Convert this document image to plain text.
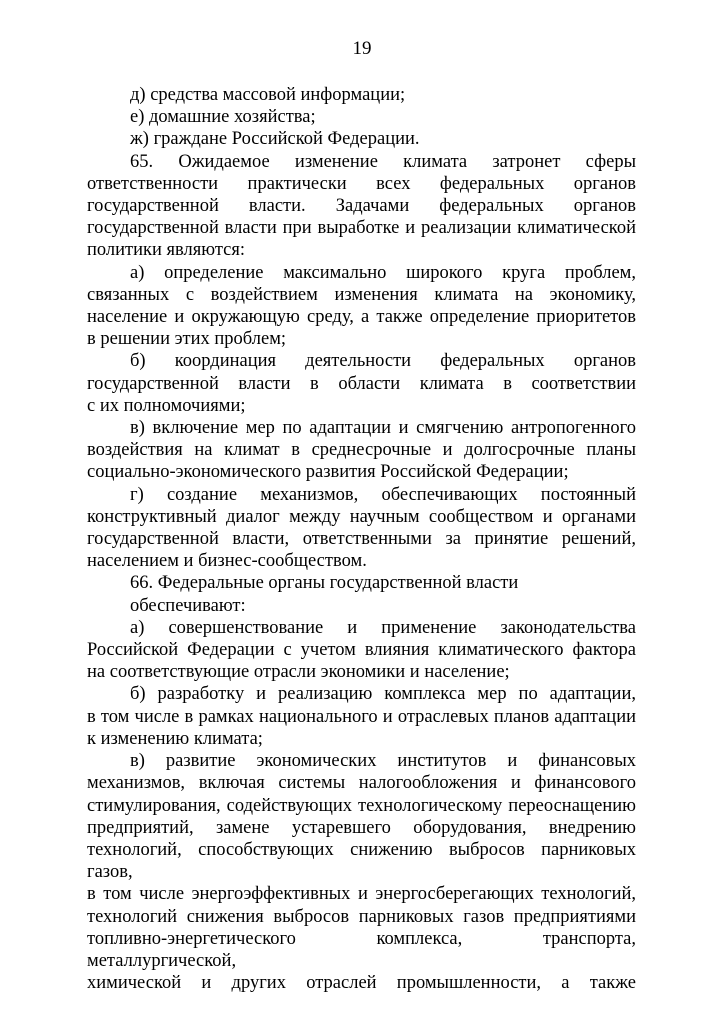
19

д) средства массовой информации;

е) домашние хозяйства;

ж) граждане Российской Федерации.

65. Ожидаемое изменение климата затронет сферы

ответственности практически всех федеральных органов

государственной власти. Задачами федеральных органов

государственной власти при выработке и реализации климатической

политики являются:

а) определение максимально широкого круга проблем,

связанных с воздействием изменения климата на экономику,

население и окружающую среду, а также определение приоритетов

в решении этих проблем;

б) координация деятельности федеральных органов

государственной власти в области климата в соответствии

с их полномочиями;

в) включение мер по адаптации и смягчению антропогенного

воздействия на климат в среднесрочные и долгосрочные планы

социально-экономического развития Российской Федерации;

г) создание механизмов, обеспечивающих постоянный

конструктивный диалог между научным сообществом и органами

государственной власти, ответственными за принятие решений,

населением и бизнес-сообществом.

66. Федеральные органы государственной власти обеспечивают:

а) совершенствование и применение законодательства

Российской Федерации с учетом влияния климатического фактора

на соответствующие отрасли экономики и население;

б) разработку и реализацию комплекса мер по адаптации,

в том числе в рамках национального и отраслевых планов адаптации

к изменению климата;

в) развитие экономических институтов и финансовых

механизмов, включая системы налогообложения и финансового

стимулирования, содействующих технологическому переоснащению

предприятий, замене устаревшего оборудования, внедрению

технологий, способствующих снижению выбросов парниковых газов,

в том числе энергоэффективных и энергосберегающих технологий,

технологий снижения выбросов парниковых газов предприятиями

топливно-энергетического комплекса, транспорта, металлургической,

химической и других отраслей промышленности, а также
